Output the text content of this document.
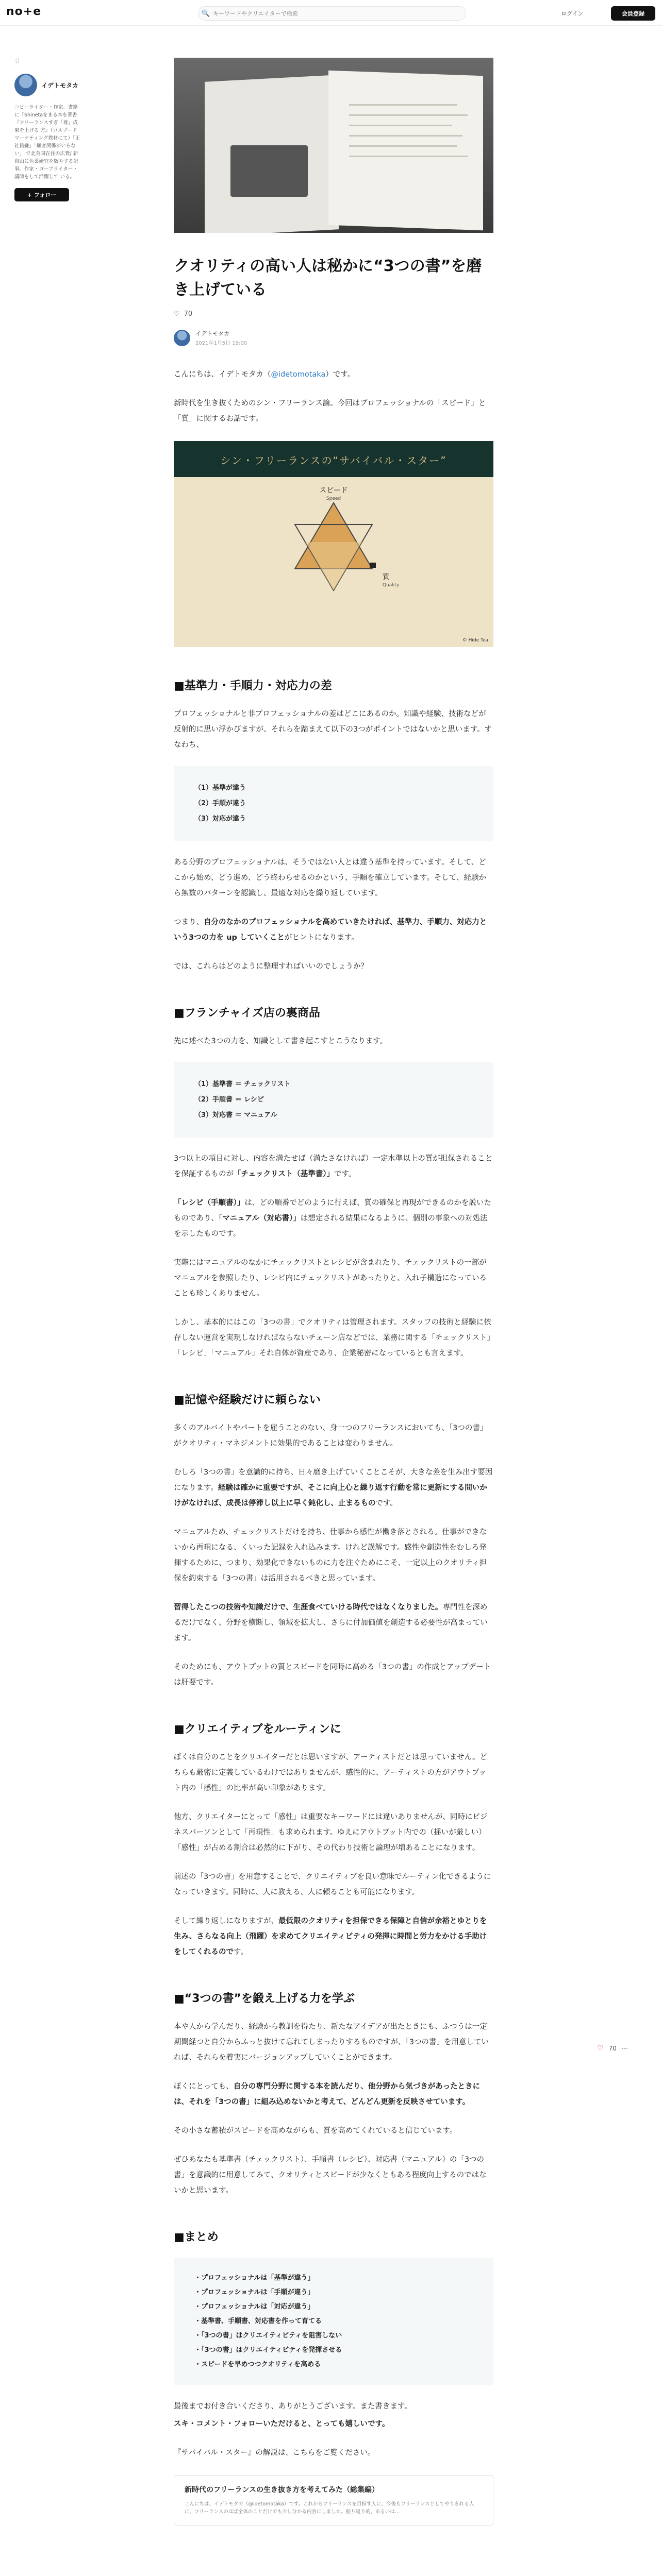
no+e	🔍
キーワードやクリエイターで検索	ログイン	会員登録
引
イデトモタカ
コピーライター・作家。書籍に『Shinetaをまる本を著書『フリーランスすぎ「尊」成果を上げる 方』（ロスプードマーケティング教材にて）「正社員嫌」「顧客関係がいらない」 で北英国在住の広費/ 新 自由に色薬研究を数やする記事。作家・ゴーブライター・講師をして活躍して いる。
+ フォロー
♡ 70 ⋯
クオリティの高い人は秘かに“3つの書”を磨き上げている
♡ 70
イデトモタカ
2021年1月5日 19:00

こんにちは、イデトモタカ（@idetomotaka）です。

新時代を生き抜くためのシン・フリーランス論。今回はプロフェッショナルの「スピード」と「質」に関するお話です。

シン・フリーランスの“サバイバル・スター”
スピード
Speed
質
Quality
© Hide Tea
■基準力・手順力・対応力の差

プロフェッショナルと非プロフェッショナルの差はどこにあるのか。知識や経験、技術などが反射的に思い浮かびますが、それらを踏まえて以下の3つがポイントではないかと思います。すなわち、

（1）基準が違う
（2）手順が違う
（3）対応が違う

ある分野のプロフェッショナルは、そうではない人とは違う基準を持っています。そして、どこから始め、どう進め、どう終わらせるのかという、手順を確立しています。そして、経験から無数のパターンを認識し、最適な対応を繰り返しています。

つまり、自分のなかのプロフェッショナルを高めていきたければ、基準力、手順力、対応力という3つの力を up していくことがヒントになります。

では、これらはどのように整理すればいいのでしょうか？

■フランチャイズ店の裏商品

先に述べた3つの力を、知識として書き起こすとこうなります。

（1）基準書 ＝ チェックリスト
（2）手順書 ＝ レシピ
（3）対応書 ＝ マニュアル

3つ以上の項目に対し、内容を満たせば（満たさなければ）一定水準以上の質が担保されることを保証するものが「チェックリスト（基準書）」です。

「レシピ（手順書）」は、どの順番でどのように行えば、質の確保と再現ができるのかを説いたものであり、「マニュアル（対応書）」は想定される結果になるように、個別の事象への対処法を示したものです。

実際にはマニュアルのなかにチェックリストとレシピが含まれたり、チェックリストの一部がマニュアルを参照したり、レシピ内にチェックリストがあったりと、入れ子構造になっていることも珍しくありません。

しかし、基本的にはこの「3つの書」でクオリティは管理されます。スタッフの技術と経験に依存しない運営を実現しなければならないチェーン店などでは、業務に関する「チェックリスト」「レシピ」「マニュアル」それ自体が資産であり、企業秘密になっているとも言えます。

■記憶や経験だけに頼らない

多くのアルバイトやパートを雇うことのない、身一つのフリーランスにおいても、「3つの書」がクオリティ・マネジメントに効果的であることは変わりません。

むしろ「3つの書」を意識的に持ち、日々磨き上げていくことこそが、大きな差を生み出す要因になります。経験は確かに重要ですが、そこに向上心と繰り返す行動を常に更新にする問いかけがなければ、成長は停滞し以上に早く鈍化し、止まるものです。

マニュアルため、チェックリストだけを持ち、仕事から感性が働き落とされる。仕事ができないから再現になる、くいった記録を入れ込みます。けれど誤解です。感性や創造性をむしろ発揮するために、つまり、効果化できないものに力を注ぐためにこそ、一定以上のクオリティ担保を約束する「3つの書」は活用されるべきと思っています。

習得したこつの技術や知識だけで、生涯食べていける時代ではなくなりました。専門性を深めるだけでなく、分野を横断し、領域を拡大し、さらに付加価値を創造する必要性が高まっています。

そのためにも、アウトプットの質とスピードを同時に高める「3つの書」の作成とアップデートは肝要です。

■クリエイティブをルーティンに

ぼくは自分のことをクリエイターだとは思いますが、アーティストだとは思っていません。どちらも厳密に定義しているわけではありませんが、感性的に、アーティストの方がアウトプット内の「感性」の比率が高い印象があります。

他方、クリエイターにとって「感性」は重要なキーワードには違いありませんが、同時にビジネスパーソンとして「再現性」も求められます。ゆえにアウトプット内での（揺いが厳しい）「感性」が占める割合は必然的に下がり、その代わり技術と論理が増あることになります。

前述の「3つの書」を用意することで、クリエイティブを良い意味でルーティン化できるようになっていきます。同時に、人に教える、人に頼ることも可能になります。

そして繰り返しになりますが、最低限のクオリティを担保できる保障と自信が余裕とゆとりを生み、さらなる向上（飛躍）を求めてクリエイティビティの発揮に時間と労力をかける手助けをしてくれるのです。

■“3つの書”を鍛え上げる力を学ぶ

本や人から学んだり、経験から教訓を得たり、新たなアイデアが出たときにも、ふつうは一定期間経つと自分からふっと抜けて忘れてしまったりするものですが、「3つの書」を用意していれば、それらを着実にバージョンアップしていくことができます。

ぼくにとっても、自分の専門分野に関する本を読んだり、他分野から気づきがあったときには、それを「3つの書」に組み込めないかと考えて、どんどん更新を反映させています。

その小さな蓄積がスピードを高めながらも、質を高めてくれていると信じています。

ぜひあなたも基準書（チェックリスト）、手順書（レシピ）、対応書（マニュアル）の「3つの書」を意識的に用意してみて、クオリティとスピードが少なくともある程度向上するのではないかと思います。

■まとめ
・プロフェッショナルは「基準が違う」
・プロフェッショナルは「手順が違う」
・プロフェッショナルは「対応が違う」
・基準書、手順書、対応書を作って育てる
・「3つの書」はクリエイティビティを阻害しない
・「3つの書」はクリエイティビティを発揮させる
・スピードを早めつつクオリティを高める

最後までお付き合いくださり、ありがとうございます。また書きます。

スキ・コメント・フォローいただけると、とっても嬉しいです。

『サバイバル・スター』の解説は、こちらをご覧ください。

新時代のフリーランスの生き抜き方を考えてみた（総集編）
こんにちは、イデトモタカ（@idetomotaka）です。これからフリーランスを目指す人に、今後もフリーランスとしてやりきれる人に、フリーランスのほぼ全体のことだけでも少し分かる内容にしました。振り返り的、あるいは…
